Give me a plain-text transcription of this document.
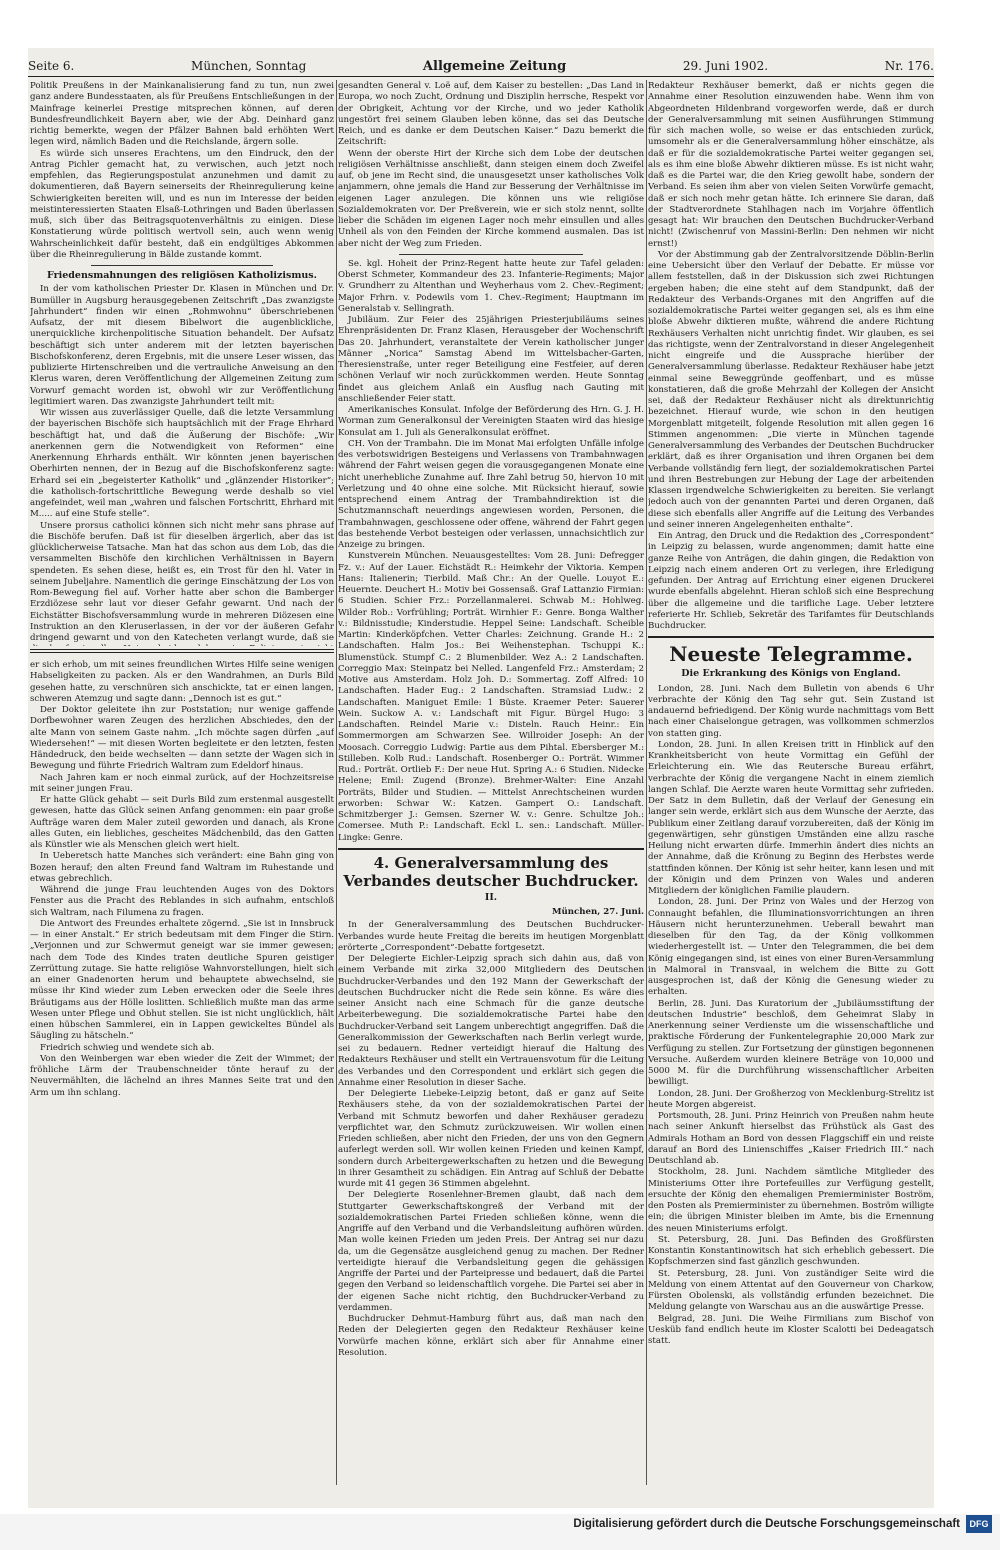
Seite 6.	München, Sonntag	Allgemeine Zeitung	29. Juni 1902.	Nr. 176.

Politik Preußens in der Mainkanalisierung fand zu tun, nun zwei ganz andere Bundesstaaten, als für Preußens Entschließungen in der Mainfrage keinerlei Prestige mitsprechen können, auf deren Bundesfreundlichkeit Bayern aber, wie der Abg. Deinhard ganz richtig bemerkte, wegen der Pfälzer Bahnen bald erhöhten Wert legen wird, nämlich Baden und die Reichslande, ärgern solle.

Es würde sich unseres Erachtens, um den Eindruck, den der Antrag Pichler gemacht hat, zu verwischen, auch jetzt noch empfehlen, das Regierungspostulat anzunehmen und damit zu dokumentieren, daß Bayern seinerseits der Rheinregulierung keine Schwierigkeiten bereiten will, und es nun im Interesse der beiden meistinteressierten Staaten Elsaß-Lothringen und Baden überlassen muß, sich über das Beitragsquotenverhältnis zu einigen. Diese Konstatierung würde politisch wertvoll sein, auch wenn wenig Wahrscheinlichkeit dafür besteht, daß ein endgültiges Abkommen über die Rheinregulierung in Bälde zustande kommt.

Friedensmahnungen des religiösen Katholizismus.

In der vom katholischen Priester Dr. Klasen in München und Dr. Bumüller in Augsburg herausgegebenen Zeitschrift „Das zwanzigste Jahrhundert“ finden wir einen „Rohmwohnu“ überschriebenen Aufsatz, der mit diesem Bibelwort die augenblickliche, unerquickliche kirchenpolitische Situation behandelt. Der Aufsatz beschäftigt sich unter anderem mit der letzten bayerischen Bischofskonferenz, deren Ergebnis, mit die unsere Leser wissen, das publizierte Hirtenschreiben und die vertrauliche Anweisung an den Klerus waren, deren Veröffentlichung der Allgemeinen Zeitung zum Vorwurf gemacht worden ist, obwohl wir zur Veröffentlichung legitimiert waren. Das zwanzigste Jahrhundert teilt mit:

Wir wissen aus zuverlässiger Quelle, daß die letzte Versammlung der bayerischen Bischöfe sich hauptsächlich mit der Frage Ehrhard beschäftigt hat, und daß die Äußerung der Bischöfe: „Wir anerkennen gern die Notwendigkeit von Reformen“ eine Anerkennung Ehrhards enthält. Wir könnten jenen bayerischen Oberhirten nennen, der in Bezug auf die Bischofskonferenz sagte: Erhard sei ein „begeisterter Katholik“ und „glänzender Historiker“; die katholisch-fortschrittliche Bewegung werde deshalb so viel angefeindet, weil man „wahren und falschen Fortschritt, Ehrhard mit M..... auf eine Stufe stelle“.

Unsere prorsus catholici können sich nicht mehr sans phrase auf die Bischöfe berufen. Daß ist für dieselben ärgerlich, aber das ist glücklicherweise Tatsache. Man hat das schon aus dem Lob, das die versammelten Bischöfe den kirchlichen Verhältnissen in Bayern spendeten. Es sehen diese, heißt es, ein Trost für den hl. Vater in seinem Jubeljahre. Namentlich die geringe Einschätzung der Los von Rom-Bewegung fiel auf. Vorher hatte aber schon die Bamberger Erzdiözese sehr laut vor dieser Gefahr gewarnt. Und nach der Eichstätter Bischofsversammlung wurde in mehreren Diözesen eine Instruktion an den Kleruserlassen, in der vor der äußeren Gefahr dringend gewarnt und von den Katecheten verlangt wurde, daß sie

er sich erhob, um mit seines freundlichen Wirtes Hilfe seine wenigen Habseligkeiten zu packen. Als er den Wandrahmen, an Durls Bild gesehen hatte, zu verschnüren sich anschickte, tat er einen langen, schweren Atemzug und sagte dann: „Dennoch ist es gut.“

Der Doktor geleitete ihn zur Poststation; nur wenige gaffende Dorfbewohner waren Zeugen des herzlichen Abschiedes, den der alte Mann von seinem Gaste nahm. „Ich möchte sagen dürfen „auf Wiedersehen!“ — mit diesen Worten begleitete er den letzten, festen Händedruck, den beide wechselten — dann setzte der Wagen sich in Bewegung und führte Friedrich Waltram zum Edeldorf hinaus.

Nach Jahren kam er noch einmal zurück, auf der Hochzeitsreise mit seiner jungen Frau.

Er hatte Glück gehabt — seit Durls Bild zum erstenmal ausgestellt gewesen, hatte das Glück seinen Anfang genommen: ein paar große Aufträge waren dem Maler zuteil geworden und danach, als Krone alles Guten, ein liebliches, gescheites Mädchenbild, das den Gatten als Künstler wie als Menschen gleich wert hielt.

In Ueberetsch hatte Manches sich verändert: eine Bahn ging von Bozen herauf; den alten Freund fand Waltram im Ruhestande und etwas gebrechlich.

Während die junge Frau leuchtenden Auges von des Doktors Fenster aus die Pracht des Reblandes in sich aufnahm, entschloß sich Waltram, nach Filumena zu fragen.

Die Antwort des Freundes erhaltete zögernd. „Sie ist in Innsbruck — in einer Anstalt.“ Er strich bedeutsam mit dem Finger die Stirn. „Verjonnen und zur Schwermut geneigt war sie immer gewesen; nach dem Tode des Kindes traten deutliche Spuren geistiger Zerrüttung zutage. Sie hatte religiöse Wahnvorstellungen, hielt sich an einer Gnadenorten herum und behauptete abwechselnd, sie müsse ihr Kind wieder zum Leben erwecken oder die Seele ihres Bräutigams aus der Hölle loslitten. Schließlich mußte man das arme Wesen unter Pflege und Obhut stellen. Sie ist nicht unglücklich, hält einen hübschen Sammlerei, ein in Lappen gewickeltes Bündel als Säugling zu hätscheln.“

Friedrich schwieg und wendete sich ab.

Von den Weinbergen war eben wieder die Zeit der Wimmet; der fröhliche Lärm der Traubenschneider tönte herauf zu der Neuvermählten, die lächelnd an ihres Mannes Seite trat und den Arm um ihn schlang.

gesandten General v. Loë auf, dem Kaiser zu bestellen: „Das Land in Europa, wo noch Zucht, Ordnung und Disziplin herrsche, Respekt vor der Obrigkeit, Achtung vor der Kirche, und wo jeder Katholik ungestört frei seinem Glauben leben könne, das sei das Deutsche Reich, und es danke er dem Deutschen Kaiser.“ Dazu bemerkt die Zeitschrift:

Wenn der oberste Hirt der Kirche sich dem Lobe der deutschen religiösen Verhältnisse anschließt, dann steigen einem doch Zweifel auf, ob jene im Recht sind, die unausgesetzt unser katholisches Volk anjammern, ohne jemals die Hand zur Besserung der Verhältnisse im eigenen Lager anzulegen. Die können uns wie religiöse Sozialdemokraten vor. Der Preßverein, wie er sich stolz nennt, sollte lieber die Schäden im eigenen Lager noch mehr einsullen und alles Unheil als von den Feinden der Kirche kommend ausmalen. Das ist aber nicht der Weg zum Frieden.

Se. kgl. Hoheit der Prinz-Regent hatte heute zur Tafel geladen: Oberst Schmeter, Kommandeur des 23. Infanterie-Regiments; Major v. Grundherr zu Altenthan und Weyherhaus vom 2. Chev.-Regiment; Major Frhrn. v. Podewils vom 1. Chev.-Regiment; Hauptmann im Generalstab v. Sellingrath.

Jubiläum. Zur Feier des 25jährigen Priesterjubiläums seines Ehrenpräsidenten Dr. Franz Klasen, Herausgeber der Wochenschrift Das 20. Jahrhundert, veranstaltete der Verein katholischer junger Männer „Norica“ Samstag Abend im Wittelsbacher-Garten, Theresienstraße, unter reger Beteiligung eine Festfeier, auf deren schönen Verlauf wir noch zurückkommen werden. Heute Sonntag findet aus gleichem Anlaß ein Ausflug nach Gauting mit anschließender Feier statt.

Amerikanisches Konsulat. Infolge der Beförderung des Hrn. G. J. H. Worman zum Generalkonsul der Vereinigten Staaten wird das hiesige Konsulat am 1. Juli als Generalkonsulat eröffnet.

CH. Von der Trambahn. Die im Monat Mai erfolgten Unfälle infolge des verbotswidrigen Besteigens und Verlassens von Trambahnwagen während der Fahrt weisen gegen die vorausgegangenen Monate eine nicht unerhebliche Zunahme auf. Ihre Zahl betrug 50, hiervon 10 mit Verletzung und 40 ohne eine solche. Mit Rücksicht hierauf, sowie entsprechend einem Antrag der Trambahndirektion ist die Schutzmannschaft neuerdings angewiesen worden, Personen, die Trambahnwagen, geschlossene oder offene, während der Fahrt gegen das bestehende Verbot besteigen oder verlassen, unnachsichtlich zur Anzeige zu bringen.

Kunstverein München. Neuausgestelltes: Vom 28. Juni: Defregger Fz. v.: Auf der Lauer. Eichstädt R.: Heimkehr der Viktoria. Kempen Hans: Italienerin; Tierbild. Maß Chr.: An der Quelle. Louyot E.: Heuernte. Deuchert H.: Motiv bei Gossensaß. Graf Lattanzio Firmian: 6 Studien. Schier Frz.: Porzellanmalerei. Schwab M.: Hohlweg. Wilder Rob.: Vorfrühling; Porträt. Wirnhier F.: Genre. Bonga Walther v.: Bildnisstudie; Kinderstudie. Heppel Seine: Landschaft. Scheible Martin: Kinderköpfchen. Vetter Charles: Zeichnung. Grande H.: 2 Landschaften. Halm Jos.: Bei Weihenstephan. Tschuppi K.: Blumenstück. Stumpf C.: 2 Blumenbilder. Wez A.: 2 Landschaften. Correggio Max: Steinpatz bei Nelled. Langenfeld Frz.: Amsterdam; 2 Motive aus Amsterdam. Holz Joh. D.: Sommertag. Zoff Alfred: 10 Landschaften. Hader Eug.: 2 Landschaften. Stramsiad Ludw.: 2 Landschaften. Maniguet Emile: 1 Büste. Kraemer Peter: Sauerer Wein. Suckow A. v.: Landschaft mit Figur. Bürgel Hugo: 3 Landschaften. Reindel Marie v.: Disteln. Rauch Heinr.: Ein Sommermorgen am Schwarzen See. Willroider Joseph: An der Moosach. Correggio Ludwig: Partie aus dem Pihtal. Ebersberger M.: Stilleben. Kolb Rud.: Landschaft. Rosenberger O.: Porträt. Wimmer Rud.: Porträt. Ortlieb F.: Der neue Hut. Spring A.: 6 Studien. Nidecke Helene; Emil: Zugend (Bronze). Brehmer-Walter: Eine Anzahl Porträts, Bilder und Studien. — Mittelst Anrechtscheinen wurden erworben: Schwar W.: Katzen. Gampert O.: Landschaft. Schmitzberger J.: Gemsen. Szerner W. v.: Genre. Schultze Joh.: Comersee. Muth P.: Landschaft. Eckl L. sen.: Landschaft. Müller-Lingke: Genre.

4. Generalversammlung des Verbandes deutscher Buchdrucker.
II.
München, 27. Juni.

In der Generalversammlung des Deutschen Buchdrucker-Verbandes wurde heute Freitag die bereits im heutigen Morgenblatt erörterte „Correspondent“-Debatte fortgesetzt.

Der Delegierte Eichler-Leipzig sprach sich dahin aus, daß von einem Verbande mit zirka 32,000 Mitgliedern des Deutschen Buchdrucker-Verbandes und den 192 Mann der Gewerkschaft der deutschen Buchdrucker nicht die Rede sein könne. Es wäre dies seiner Ansicht nach eine Schmach für die ganze deutsche Arbeiterbewegung. Die sozialdemokratische Partei habe den Buchdrucker-Verband seit Langem unberechtigt angegriffen. Daß die Generalkommission der Gewerkschaften nach Berlin verlegt wurde, sei zu bedauern. Redner verteidigt hierauf die Haltung des Redakteurs Rexhäuser und stellt ein Vertrauensvotum für die Leitung des Verbandes und den Correspondent und erklärt sich gegen die Annahme einer Resolution in dieser Sache.

Der Delegierte Liebeke-Leipzig betont, daß er ganz auf Seite Rexhäusers stehe, da von der sozialdemokratischen Partei der Verband mit Schmutz beworfen und daher Rexhäuser geradezu verpflichtet war, den Schmutz zurückzuweisen. Wir wollen einen Frieden schließen, aber nicht den Frieden, der uns von den Gegnern auferlegt werden soll. Wir wollen keinen Frieden und keinen Kampf, sondern durch Arbeitergewerkschaften zu hetzen und die Bewegung in ihrer Gesamtheit zu schädigen. Ein Antrag auf Schluß der Debatte wurde mit 41 gegen 36 Stimmen abgelehnt.

Der Delegierte Rosenlehner-Bremen glaubt, daß nach dem Stuttgarter Gewerkschaftskongreß der Verband mit der sozialdemokratischen Partei Frieden schließen könne, wenn die Angriffe auf den Verband und die Verbandsleitung aufhören würden. Man wolle keinen Frieden um jeden Preis. Der Antrag sei nur dazu da, um die Gegensätze ausgleichend genug zu machen. Der Redner verteidigte hierauf die Verbandsleitung gegen die gehässigen Angriffe der Partei und der Parteipresse und bedauert, daß die Partei gegen den Verband so leidenschaftlich vorgehe. Die Partei sei aber in der eigenen Sache nicht richtig, den Buchdrucker-Verband zu verdammen.

Buchdrucker Dehmut-Hamburg führt aus, daß man nach den Reden der Delegierten gegen den Redakteur Rexhäuser keine Vorwürfe machen könne, erklärt sich aber für Annahme einer Resolution.

Redakteur Rexhäuser bemerkt, daß er nichts gegen die Annahme einer Resolution einzuwenden habe. Wenn ihm von Abgeordneten Hildenbrand vorgeworfen werde, daß er durch der Generalversammlung mit seinen Ausführungen Stimmung für sich machen wolle, so weise er das entschieden zurück, umsomehr als er die Generalversammlung höher einschätze, als daß er für die sozialdemokratische Partei weiter gegangen sei, als es ihm eine bloße Abwehr diktieren müsse. Es ist nicht wahr, daß es die Partei war, die den Krieg gewollt habe, sondern der Verband. Es seien ihm aber von vielen Seiten Vorwürfe gemacht, daß er sich noch mehr getan hätte. Ich erinnere Sie daran, daß der Stadtverordnete Stahlhagen nach im Vorjahre öffentlich gesagt hat: Wir brauchen den Deutschen Buchdrucker-Verband nicht! (Zwischenruf von Massini-Berlin: Den nehmen wir nicht ernst!)

Vor der Abstimmung gab der Zentralvorsitzende Döblin-Berlin eine Uebersicht über den Verlauf der Debatte. Er müsse vor allem feststellen, daß in der Diskussion sich zwei Richtungen ergeben haben; die eine steht auf dem Standpunkt, daß der Redakteur des Verbands-Organes mit den Angriffen auf die sozialdemokratische Partei weiter gegangen sei, als es ihm eine bloße Abwehr diktieren mußte, während die andere Richtung Rexhäusers Verhalten nicht unrichtig findet. Wir glauben, es sei das richtigste, wenn der Zentralvorstand in dieser Angelegenheit nicht eingreife und die Aussprache hierüber der Generalversammlung überlasse. Redakteur Rexhäuser habe jetzt einmal seine Beweggründe geoffenbart, und es müsse konstatieren, daß die große Mehrzahl der Kollegen der Ansicht sei, daß der Redakteur Rexhäuser nicht als direktunrichtig bezeichnet. Hierauf wurde, wie schon in den heutigen Morgenblatt mitgeteilt, folgende Resolution mit allen gegen 16 Stimmen angenommen: „Die vierte in München tagende Generalversammlung des Verbandes der Deutschen Buchdrucker erklärt, daß es ihrer Organisation und ihren Organen bei dem Verbande vollständig fern liegt, der sozialdemokratischen Partei und ihren Bestrebungen zur Hebung der Lage der arbeitenden Klassen irgendwelche Schwierigkeiten zu bereiten. Sie verlangt jedoch auch von der genannten Partei und deren Organen, daß diese sich ebenfalls aller Angriffe auf die Leitung des Verbandes und seiner inneren Angelegenheiten enthalte“.

Ein Antrag, den Druck und die Redaktion des „Correspondent“ in Leipzig zu belassen, wurde angenommen; damit hatte eine ganze Reihe von Anträgen, die dahin gingen, die Redaktion von Leipzig nach einem anderen Ort zu verlegen, ihre Erledigung gefunden. Der Antrag auf Errichtung einer eigenen Druckerei wurde ebenfalls abgelehnt. Hieran schloß sich eine Besprechung über die allgemeine und die tarifliche Lage. Ueber letztere referierte Hr. Schlieb, Sekretär des Tarifamtes für Deutschlands Buchdrucker.

Neueste Telegramme.
Die Erkrankung des Königs von England.

London, 28. Juni. Nach dem Bulletin von abends 6 Uhr verbrachte der König den Tag sehr gut. Sein Zustand ist andauernd befriedigend. Der König wurde nachmittags vom Bett nach einer Chaiselongue getragen, was vollkommen schmerzlos von statten ging.

London, 28. Juni. In allen Kreisen tritt in Hinblick auf den Krankheitsbericht von heute Vormittag ein Gefühl der Erleichterung ein. Wie das Reutersche Bureau erfährt, verbrachte der König die vergangene Nacht in einem ziemlich langen Schlaf. Die Aerzte waren heute Vormittag sehr zufrieden. Der Satz in dem Bulletin, daß der Verlauf der Genesung ein langer sein werde, erklärt sich aus dem Wunsche der Aerzte, das Publikum einer Zeitlang darauf vorzubereiten, daß der König im gegenwärtigen, sehr günstigen Umständen eine allzu rasche Heilung nicht erwarten dürfe. Immerhin ändert dies nichts an der Annahme, daß die Krönung zu Beginn des Herbstes werde stattfinden können. Der König ist sehr heiter, kann lesen und mit der Königin und dem Prinzen von Wales und anderen Mitgliedern der königlichen Familie plaudern.

London, 28. Juni. Der Prinz von Wales und der Herzog von Connaught befahlen, die Illuminationsvorrichtungen an ihren Häusern nicht herunterzunehmen. Ueberall bewahrt man dieselben für den Tag, da der König vollkommen wiederhergestellt ist. — Unter den Telegrammen, die bei dem König eingegangen sind, ist eines von einer Buren-Versammlung in Malmoral in Transvaal, in welchem die Bitte zu Gott ausgesprochen ist, daß der König die Genesung wieder zu erhalten.

Berlin, 28. Juni. Das Kuratorium der „Jubiläumsstiftung der deutschen Industrie“ beschloß, dem Geheimrat Slaby in Anerkennung seiner Verdienste um die wissenschaftliche und praktische Förderung der Funkentelegraphie 20,000 Mark zur Verfügung zu stellen. Zur Fortsetzung der günstigen begonnenen Versuche. Außerdem wurden kleinere Beträge von 10,000 und 5000 M. für die Durchführung wissenschaftlicher Arbeiten bewilligt.

London, 28. Juni. Der Großherzog von Mecklenburg-Strelitz ist heute Morgen abgereist.

Portsmouth, 28. Juni. Prinz Heinrich von Preußen nahm heute nach seiner Ankunft hierselbst das Frühstück als Gast des Admirals Hotham an Bord von dessen Flaggschiff ein und reiste darauf an Bord des Linienschiffes „Kaiser Friedrich III.“ nach Deutschland ab.

Stockholm, 28. Juni. Nachdem sämtliche Mitglieder des Ministeriums Otter ihre Portefeuilles zur Verfügung gestellt, ersuchte der König den ehemaligen Premierminister Boström, den Posten als Premierminister zu übernehmen. Boström willigte ein; die übrigen Minister bleiben im Amte, bis die Ernennung des neuen Ministeriums erfolgt.

St. Petersburg, 28. Juni. Das Befinden des Großfürsten Konstantin Konstantinowitsch hat sich erheblich gebessert. Die Kopfschmerzen sind fast gänzlich geschwunden.

St. Petersburg, 28. Juni. Von zuständiger Seite wird die Meldung von einem Attentat auf den Gouverneur von Charkow, Fürsten Obolenski, als vollständig erfunden bezeichnet. Die Meldung gelangte von Warschau aus an die auswärtige Presse.

Belgrad, 28. Juni. Die Weihe Firmilians zum Bischof von Uesküb fand endlich heute im Kloster Scalotti bei Dedeagatsch statt.

Digitalisierung gefördert durch die Deutsche Forschungsgemeinschaft	DFG
